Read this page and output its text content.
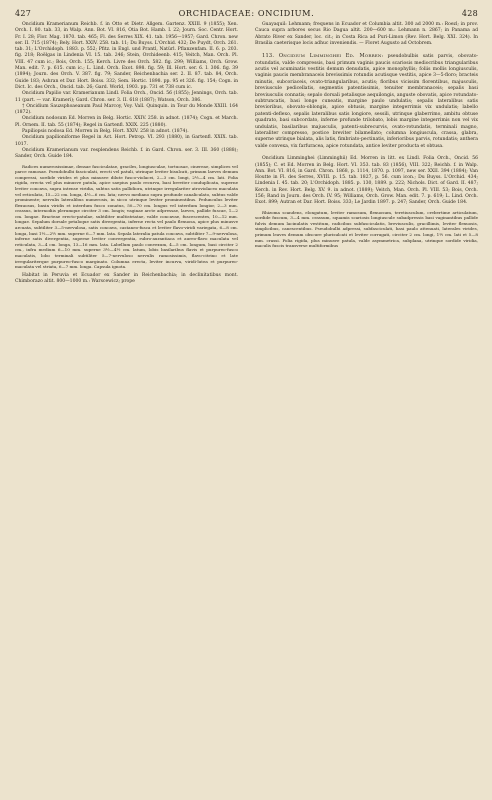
427	ORCHIDACEAE: ONCIDIUM.	428

Oncidium Kramerianum Reichb. f. in Otto et Dietr. Allgem. Gartenz. XXIII. 9 (1855); Xen. Orch. I. 80. tab. 33, in Walp. Ann. Bot. VI. 816, Otia Bot. Hamb. I. 22; Journ. Soc. Centr. Hort. Fr. I. 28; Flor. Mag. 1870. tab. 465; Fl. des Serres XIX. 41. tab. 1956—1957; Gard. Chron. new ser. II. 715 (1874); Bely. Hort. XXIV. 258. tab. 11; Du Buyss. L'Orchid. 432; De Puydt, Orch. 261. tab. 31; L'Orchidoph. 1883. p. 552; Pfitz. in Engl. und Prantl, Natürl. Pflanzenfam. II. 6. p. 203. fig. 218; Roëlgas in Lindenia VI. 15. tab. 246; Stein, Orchideenb. 415; Veitch, Man. Orch. Pl. VIII. 47 cum ic.; Bois, Orch. 155; Kerch. Livre des Orch. 582. fig. 299; Williams, Orch. Grow. Man. edit. 7. p. 615. cum ic.; L. Lind. Orch. Exot. 898. fig. 59; Ill. Hort. ser. 6. I. 306. fig. 39 (1894); Journ. des Orch. V. 387. fig. 79; Sander, Reichenbachia ser. 2. II. 87. tab. 84, Orch. Guide 183; Ashran et Dar. Hort. Boiss. 332; Sem. Hortic. 1898. pp. 95 et 326. fig. 154; Cogn. in Dict. Ic. des Orch., Oncid. tab. 26; Gard. World, 1903. pp. 731 et 738 cum ic.

Oncidium Papilio var. Kramerianum Lindl. Folia Orch., Oncid. 56 (1855); Jennings, Orch. tab. 11 (part. — var. Krameri); Gard. Chron. ser. 3. II. 618 (1887); Watson, Orch. 386.

† Oncidium Sauzsphoaeanum Paul Marcoy, Voy. Vall. Quinquin. in Tour du Monde XXIII. 164 (1872).

Oncidium nodosum Ed. Morren in Belg. Hortic. XXIV. 258. in adnot. (1874); Cogn. et March. Pl. Ornem. II. tab. 55 (1874); Regel in Gartenfl. XXIX. 225 (1880).

Papiliopsis nodosa Ed. Morren in Belg. Hort. XXIV. 258 in adnot. (1874).

Oncidium papilioniforme Regel in Act. Hort. Petrop. VI. 293 (1880), in Gartenfl. XXIX. tab. 1017.

Oncidium Kramerianum var. resplendens Reichb. f. in Gard. Chron. ser. 3. III. 360 (1888); Sander, Orch. Guide 184.

Radices numerosissimae, densae fasciculatae, graciles, longiusculae, tortuosae, cinereae, simplices vel parce ramosae. Pseudobulbi fasciculati, erecti vel patuli, utrinque leviter bisulcati, primum laeves demum compressi, sordide virides et plus minusve dilute fusco-violacei, 2—3 cm. longi, 2½—4 cm. lati. Folia rigida, erecta vel plus minusve patula, apice saepius paulo recurva, basi breviter conduplicata, superne leviter concava, supra intense viridia, subtus satis pallidiora, utrinque irregulariter atroviolaceo maculata vel reticulata, 15—22 cm. longa, 4½—6 cm. lata; nervo mediano supra profunde canaliculato, subtus valde prominente; nervulis lateralibus numerosis, in sicco utrinque leviter prominentibus. Pedunculus leviter flexuosus, basin viridis et interdum fusco zonatus, 50—70 cm. longus vel interdum longior, 2—3 mm. crassus, internodiis plerumque circiter 3 cm. longis; vaginae arcte adpressae, laeves, pallide fuscae, 1—2 cm. longae. Bracteae erecto-patulae, subtiliter multistriatae, valde concavae, fuscescentes, 10—12 mm. longae. Sepalum dorsale petaloque satis divergentia, inferne recta vel paulo flexuosa, apice plus minusve arcuata, subtiliter 3—5-nervulosa, satis concava, castaneo-fusca et leviter flavo-viridi variegata, 6—8 cm. longa, basi 1½—2½ mm. superne 6—7 mm. lata. Sepala lateralia patula concava, subtiliter 7—9-nervulosa, inferne satis divergentia, superne leviter convergentia, rubro-aurantiaca et aureo-flavo maculata vel reticulata, 3—4 cm. longa, 13—16 mm. lata. Labellum paulo convexum, 4—5 cm. longum, basi circiter 2 cm., infra medium 6—10 mm. superne 3½—4½ cm. latum, lobis basilaribus flavis et purpureo-fusco maculatis, lobo terminali subtiliter 5—7-nervuloso nervulis ramosissimis, flavo-citrino et late irregulariterque purpureo-fusco marginato. Columna erecta, leviter incurva, viridi-lutea et purpureo-maculata vel striata, 6—7 mm. longa. Capsula ignota.

Habitat in Peruvia et Ecuador ex Sander in Reichenbachia; in declinitatibus mont. Chimborazo altit. 800—1000 m.: Warscewicz; prope

Guayaquil: Lehmann; frequens in Ecuador et Columbia altit. 300 ad 2000 m.: Roezl; in prov. Cauca supra arbores secus Rio Dagua altit. 200—600 m.: Lehmann n. 2867; in Panama ad Abrato River ex Sander, loc. cit.; in Costa Rica ad Puri-Limon (Rev. Hort. Belg. XXI. 324). In Brasilia caeterisque locis adhuc inveniendis. — Floret Augusto ad Octobrem.

113. Oncidium Limminghei Ed. Morren: pseudobulbis satis parvis, obovato-rotundatis, valde compressis, basi primum vaginis paucis scariosis mediocribus triangularibus acutis vel acuminatis vestitis demum denudatis, apice monophyllis; foliis mollis longiusculis, vaginis paucis membranaceis brevissimis rotundis acutisque vestitis, apice 3—5-floro; bracteis minutis, subcoriaceis, ovato-triangularibus, acutis; floribus vicissim florentibus, majusculis, breviuscule pedicellatis, segmentis patentissimis, tenuiter membranaceis; sepalis basi breviusculis connatis; sepalo dorsali petalisque aequilongis, anguste obovatis, apice rotundato-subtruncatis, basi longe cuneatis, margine paulo undulatis; sepalis lateralibus satis brevioribus, obovato-oblongis, apice obtusis, margine integerrimis vix undulatis; labello patenti-deflexo, sepalis lateralibus satis longiore, sessili, utrinque glaberrimo, ambitu obtuse quadrato, basi subcordato, inferne profunde trilobato, lobis margine integerrimis non vel vix undulatis, basilaribus majusculis, patenti-subrecurvis, ovato-rotundatis, terminali magno, lateraliter compresso, postice breviter bilamellato; columna longiuscula, crassa, glabra, superne utrinque bialata, alis latis, fimbriato-pectinatis, inferioribus parvis, rotundatis; anthera valde convexa, vix farfuracea, apice rotundata, antice leviter producta et obtusa.

Oncidium Limminghei (Limminghii) Ed. Morren in litt. ex Lindl. Folia Orch., Oncid. 56 (1855); C. et Ed. Morren in Belg. Hort. VI. 353. tab. 83 (1856), VIII. 322; Reichb. f. in Walp. Ann. Bot. VI. 816, in Gard. Chron. 1868, p. 1114, 1870. p. 1097, new ser. XXII. 394 (1884); Van Houtte in Fl. des Serres, XVIII. p. 15. tab. 1827, p. 56. cum icon.; Du Buyss. L'Orchid. 434; Lindenia I. 45. tab. 20; L'Orchidoph. 1885. p. 130, 1889. p. 222; Nichols. Dict. of Gard. II. 487; Kerch. in Rev. Hort. Belg. XV. 9. in adnot. (1889); Veitch, Man. Orch. Pl. VIII. 53; Bois, Orch. 156; Rand in Journ. des Orch. IV. 95; Williams, Orch. Grow. Man. edit. 7. p. 619; L. Lind. Orch. Exot. 899; Autran et Dar. Hort. Boiss. 333; Le Jardin 1897. p. 247; Sander, Orch. Guide 184.

Rhizoma scandens, elongatum, leviter ramosum, flexuosum, teretiusculum, crebertime articulatum, sordide fuscum, 3—4 mm. crassum, squamis scariosis longiuscule subadpressis basi vaginantibus pallide fulvis demum lacinulatis vestitum, radicibus subfasciculatis, breviusculis, gracillimis, leviter flexuosis, simplicibus, canescentibus. Pseudobulbi adpressi, subfasciculati, basi paulo attenuati, laterales virides, primum leaves demum obscure plurisulcati et leviter corrugati, circiter 2 cm. longi, 1½ cm. lati et 5—8 mm. crassi. Folia rigida, plus minusve patula, valde asymmetrica, subplana, utrinque sordide viridia, maculis fuscis transverse multiformibus
